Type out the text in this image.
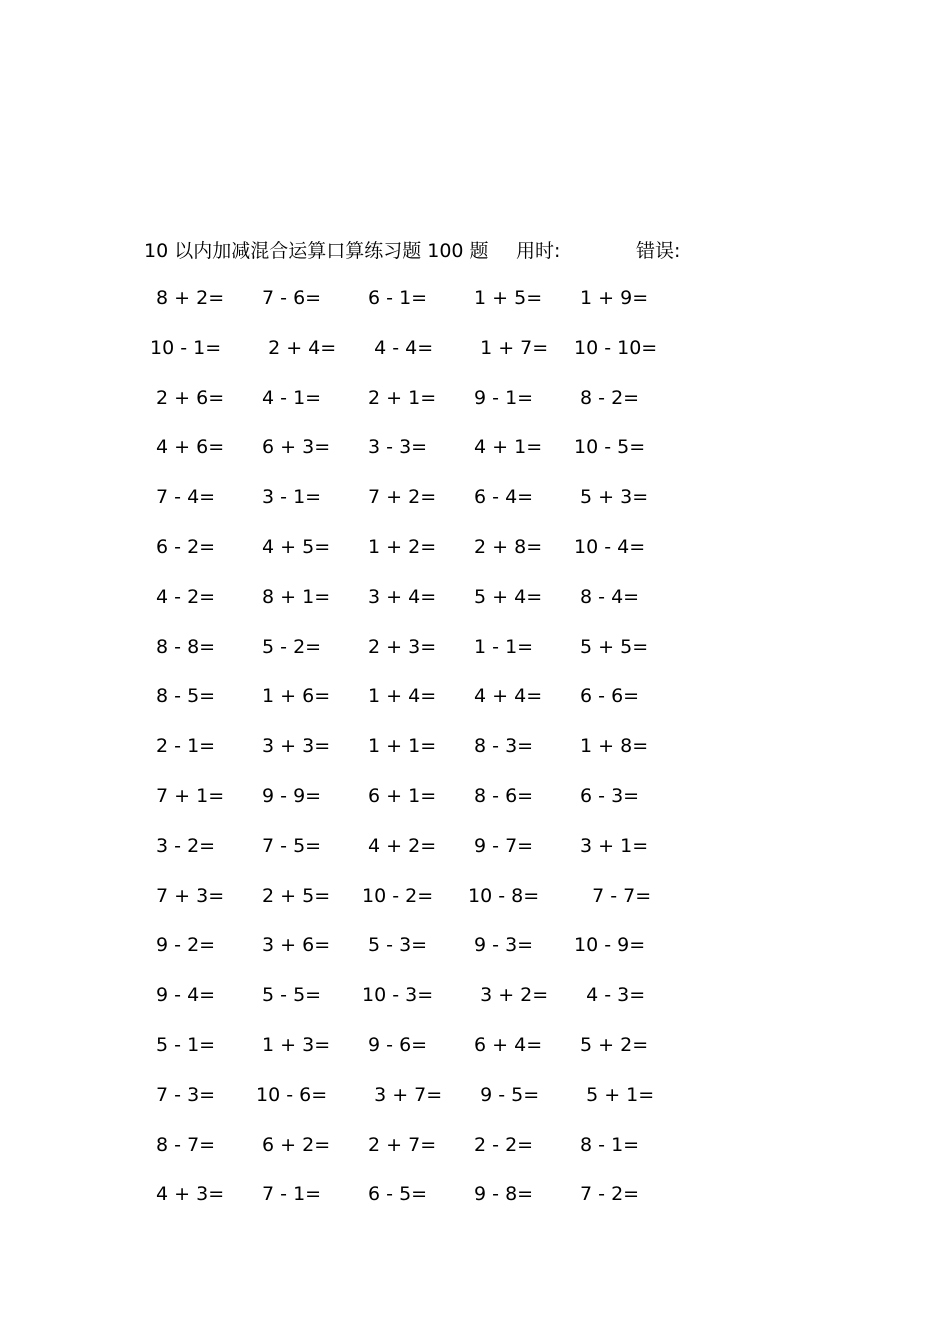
10 以内加减混合运算口算练习题 100 题 用时:	错误:
8 + 2=	7 - 6=	6 - 1=	1 + 5=	1 + 9=
10 - 1=	2 + 4=	4 - 4=	1 + 7=	10 - 10=
2 + 6=	4 - 1=	2 + 1=	9 - 1=	8 - 2=
4 + 6=	6 + 3=	3 - 3=	4 + 1=	10 - 5=
7 - 4=	3 - 1=	7 + 2=	6 - 4=	5 + 3=
6 - 2=	4 + 5=	1 + 2=	2 + 8=	10 - 4=
4 - 2=	8 + 1=	3 + 4=	5 + 4=	8 - 4=
8 - 8=	5 - 2=	2 + 3=	1 - 1=	5 + 5=
8 - 5=	1 + 6=	1 + 4=	4 + 4=	6 - 6=
2 - 1=	3 + 3=	1 + 1=	8 - 3=	1 + 8=
7 + 1=	9 - 9=	6 + 1=	8 - 6=	6 - 3=
3 - 2=	7 - 5=	4 + 2=	9 - 7=	3 + 1=
7 + 3=	2 + 5=	10 - 2=	10 - 8=	7 - 7=
9 - 2=	3 + 6=	5 - 3=	9 - 3=	10 - 9=
9 - 4=	5 - 5=	10 - 3=	3 + 2=	4 - 3=
5 - 1=	1 + 3=	9 - 6=	6 + 4=	5 + 2=
7 - 3=	10 - 6=	3 + 7=	9 - 5=	5 + 1=
8 - 7=	6 + 2=	2 + 7=	2 - 2=	8 - 1=
4 + 3=	7 - 1=	6 - 5=	9 - 8=	7 - 2=
